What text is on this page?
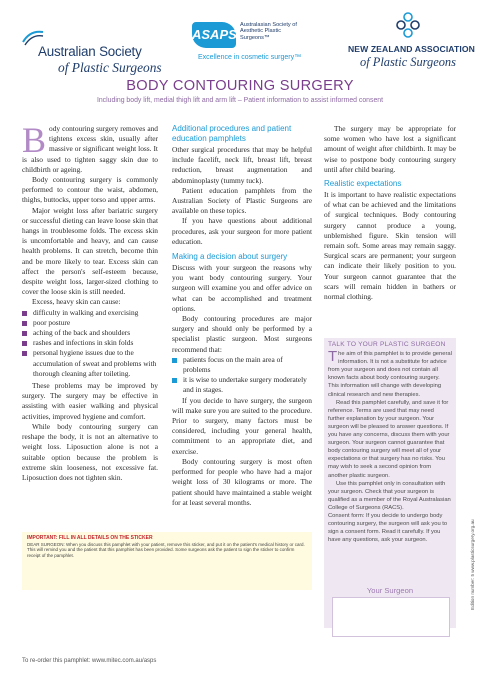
Australian Society
of Plastic Surgeons
ASAPS
Australasian Society of
Aesthetic Plastic
Surgeons™
Excellence in cosmetic surgery™
NEW ZEALAND ASSOCIATION
of Plastic Surgeons
BODY CONTOURING SURGERY
Including body lift, medial thigh lift and arm lift – Patient information to assist informed consent

Body contouring surgery removes and tightens excess skin, usually after massive or significant weight loss. It is also used to tighten saggy skin due to childbirth or ageing.

Body contouring surgery is commonly performed to contour the waist, abdomen, thighs, buttocks, upper torso and upper arms.

Major weight loss after bariatric surgery or successful dieting can leave loose skin that hangs in troublesome folds. The excess skin is uncomfortable and heavy, and can cause health problems. It can stretch, become thin and be more likely to tear. Excess skin can affect the person's self-esteem because, despite weight loss, larger-sized clothing to cover the loose skin is still needed.

Excess, heavy skin can cause:

difficulty in walking and exercising
poor posture
aching of the back and shoulders
rashes and infections in skin folds
personal hygiene issues due to the accumulation of sweat and problems with thorough cleaning after toileting.

These problems may be improved by surgery. The surgery may be effective in assisting with easier walking and physical activities, improved hygiene and comfort.

While body contouring surgery can reshape the body, it is not an alternative to weight loss. Liposuction alone is not a suitable option because the problem is extreme skin looseness, not excessive fat. Liposuction does not tighten skin.

Additional procedures and patient education pamphlets

Other surgical procedures that may be helpful include facelift, neck lift, breast lift, breast reduction, breast augmentation and abdominoplasty (tummy tuck).

Patient education pamphlets from the Australian Society of Plastic Surgeons are available on these topics.

If you have questions about additional procedures, ask your surgeon for more patient education.

Making a decision about surgery

Discuss with your surgeon the reasons why you want body contouring surgery. Your surgeon will examine you and offer advice on what can be accomplished and treatment options.

Body contouring procedures are major surgery and should only be performed by a specialist plastic surgeon. Most surgeons recommend that:

patients focus on the main area of problems
it is wise to undertake surgery moderately and in stages.

If you decide to have surgery, the surgeon will make sure you are suited to the procedure. Prior to surgery, many factors must be considered, including your general health, commitment to an appropriate diet, and exercise.

Body contouring surgery is most often performed for people who have had a major weight loss of 30 kilograms or more. The patient should have maintained a stable weight for at least several months.

The surgery may be appropriate for some women who have lost a significant amount of weight after childbirth. It may be wise to postpone body contouring surgery until after child bearing.

Realistic expectations

It is important to have realistic expectations of what can be achieved and the limitations of surgical techniques. Body contouring surgery cannot produce a young, unblemished figure. Skin tension will remain soft. Some areas may remain saggy. Surgical scars are permanent; your surgeon can indicate their likely position to you. Your surgeon cannot guarantee that the scars will remain hidden in bathers or normal clothing.

TALK TO YOUR PLASTIC SURGEON

The aim of this pamphlet is to provide general information. It is not a substitute for advice from your surgeon and does not contain all known facts about body contouring surgery. This information will change with developing clinical research and new therapies.

Read this pamphlet carefully, and save it for reference. Terms are used that may need further explanation by your surgeon. Your surgeon will be pleased to answer questions. If you have any concerns, discuss them with your surgeon. Your surgeon cannot guarantee that body contouring surgery will meet all of your expectations or that surgery has no risks. You may wish to seek a second opinion from another plastic surgeon.

Use this pamphlet only in consultation with your surgeon. Check that your surgeon is qualified as a member of the Royal Australasian College of Surgeons (RACS).

Consent form: If you decide to undergo body contouring surgery, the surgeon will ask you to sign a consent form. Read it carefully. If you have any questions, ask your surgeon.

Your Surgeon
IMPORTANT: FILL IN ALL DETAILS ON THE STICKER
DEAR SURGEON: When you discuss this pamphlet with your patient, remove this sticker, and put it on the patient's medical history or card. This will remind you and the patient that this pamphlet has been provided. Some surgeons ask the patient to sign the sticker to confirm receipt of the pamphlet.
To re-order this pamphlet: www.mitec.com.au/asps
Edition number: 5 www.plasticsurgery.org.au
